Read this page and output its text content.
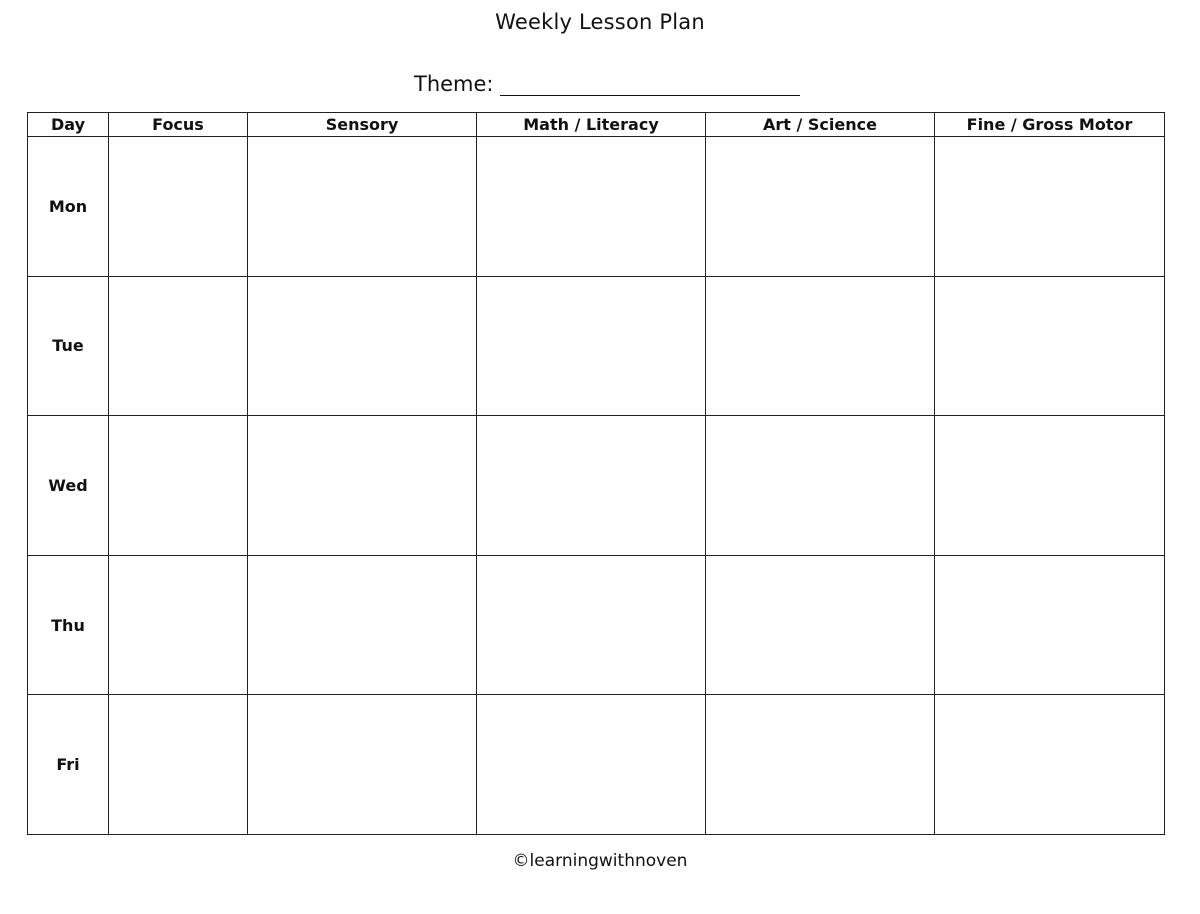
Weekly Lesson Plan
Theme:
Day	Focus	Sensory	Math / Literacy	Art / Science	Fine / Gross Motor
Mon					
Tue					
Wed					
Thu					
Fri					
©learningwithnoven
